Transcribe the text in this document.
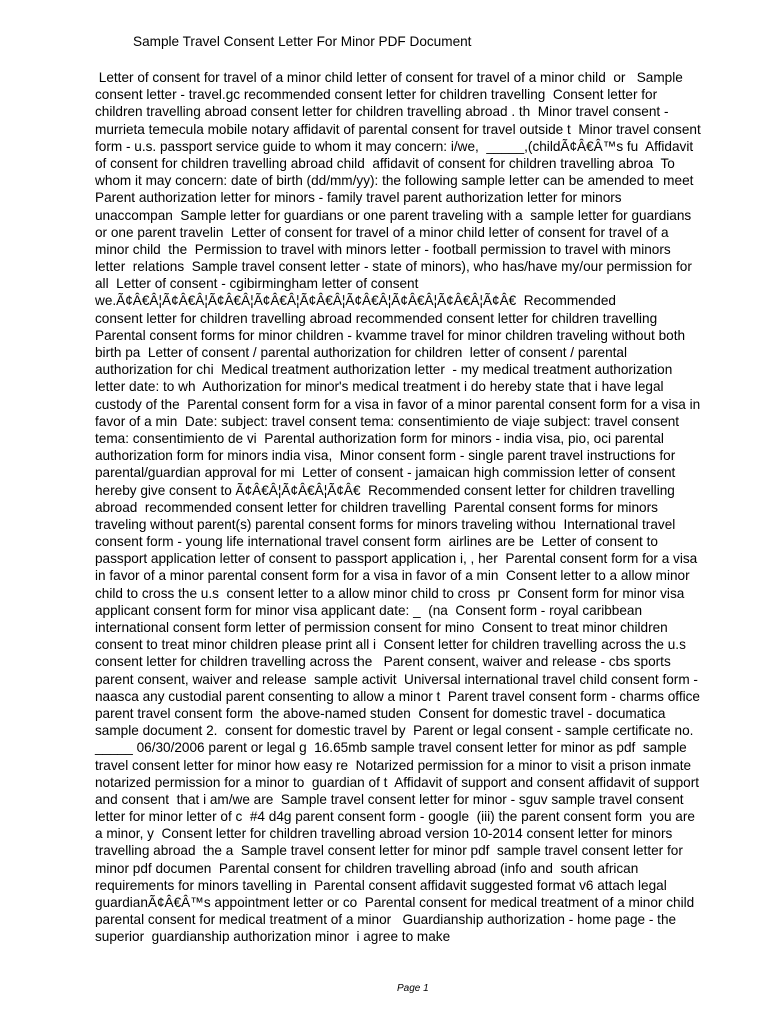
Sample Travel Consent Letter For Minor PDF Document
Letter of consent for travel of a minor child letter of consent for travel of a minor child  or   Sample
consent letter - travel.gc recommended consent letter for children travelling  Consent letter for
children travelling abroad consent letter for children travelling abroad . th  Minor travel consent -
murrieta temecula mobile notary affidavit of parental consent for travel outside t  Minor travel consent
form - u.s. passport service guide to whom it may concern: i/we,  _____,(childÃ¢Â€Â™s fu  Affidavit
of consent for children travelling abroad child  affidavit of consent for children travelling abroa  To
whom it may concern: date of birth (dd/mm/yy): the following sample letter can be amended to meet
Parent authorization letter for minors - family travel parent authorization letter for minors
unaccompan  Sample letter for guardians or one parent traveling with a  sample letter for guardians
or one parent travelin  Letter of consent for travel of a minor child letter of consent for travel of a
minor child  the  Permission to travel with minors letter - football permission to travel with minors
letter  relations  Sample travel consent letter - state of minors), who has/have my/our permission for
all  Letter of consent - cgibirmingham letter of consent
we.Ã¢Â€Â¦Ã¢Â€Â¦Ã¢Â€Â¦Ã¢Â€Â¦Ã¢Â€Â¦Ã¢Â€Â¦Ã¢Â€Â¦Ã¢Â€Â¦Ã¢Â€  Recommended
consent letter for children travelling abroad recommended consent letter for children travelling
Parental consent forms for minor children - kvamme travel for minor children traveling without both
birth pa  Letter of consent / parental authorization for children  letter of consent / parental
authorization for chi  Medical treatment authorization letter  - my medical treatment authorization
letter date: to wh  Authorization for minor's medical treatment i do hereby state that i have legal
custody of the  Parental consent form for a visa in favor of a minor parental consent form for a visa in
favor of a min  Date: subject: travel consent tema: consentimiento de viaje subject: travel consent
tema: consentimiento de vi  Parental authorization form for minors - india visa, pio, oci parental
authorization form for minors india visa,  Minor consent form - single parent travel instructions for
parental/guardian approval for mi  Letter of consent - jamaican high commission letter of consent
hereby give consent to Ã¢Â€Â¦Ã¢Â€Â¦Ã¢Â€  Recommended consent letter for children travelling
abroad  recommended consent letter for children travelling  Parental consent forms for minors
traveling without parent(s) parental consent forms for minors traveling withou  International travel
consent form - young life international travel consent form  airlines are be  Letter of consent to
passport application letter of consent to passport application i, , her  Parental consent form for a visa
in favor of a minor parental consent form for a visa in favor of a min  Consent letter to a allow minor
child to cross the u.s  consent letter to a allow minor child to cross  pr  Consent form for minor visa
applicant consent form for minor visa applicant date: _  (na  Consent form - royal caribbean
international consent form letter of permission consent for mino  Consent to treat minor children
consent to treat minor children please print all i  Consent letter for children travelling across the u.s
consent letter for children travelling across the   Parent consent, waiver and release - cbs sports
parent consent, waiver and release  sample activit  Universal international travel child consent form -
naasca any custodial parent consenting to allow a minor t  Parent travel consent form - charms office
parent travel consent form  the above-named studen  Consent for domestic travel - documatica
sample document 2.  consent for domestic travel by  Parent or legal consent - sample certificate no.
_____ 06/30/2006 parent or legal g  16.65mb sample travel consent letter for minor as pdf  sample
travel consent letter for minor how easy re  Notarized permission for a minor to visit a prison inmate
notarized permission for a minor to  guardian of t  Affidavit of support and consent affidavit of support
and consent  that i am/we are  Sample travel consent letter for minor - sguv sample travel consent
letter for minor letter of c  #4 d4g parent consent form - google  (iii) the parent consent form  you are
a minor, y  Consent letter for children travelling abroad version 10-2014 consent letter for minors
travelling abroad  the a  Sample travel consent letter for minor pdf  sample travel consent letter for
minor pdf documen  Parental consent for children travelling abroad (info and  south african
requirements for minors tavelling in  Parental consent affidavit suggested format v6 attach legal
guardianÃ¢Â€Â™s appointment letter or co  Parental consent for medical treatment of a minor child
parental consent for medical treatment of a minor   Guardianship authorization - home page - the
superior  guardianship authorization minor  i agree to make
Page 1
